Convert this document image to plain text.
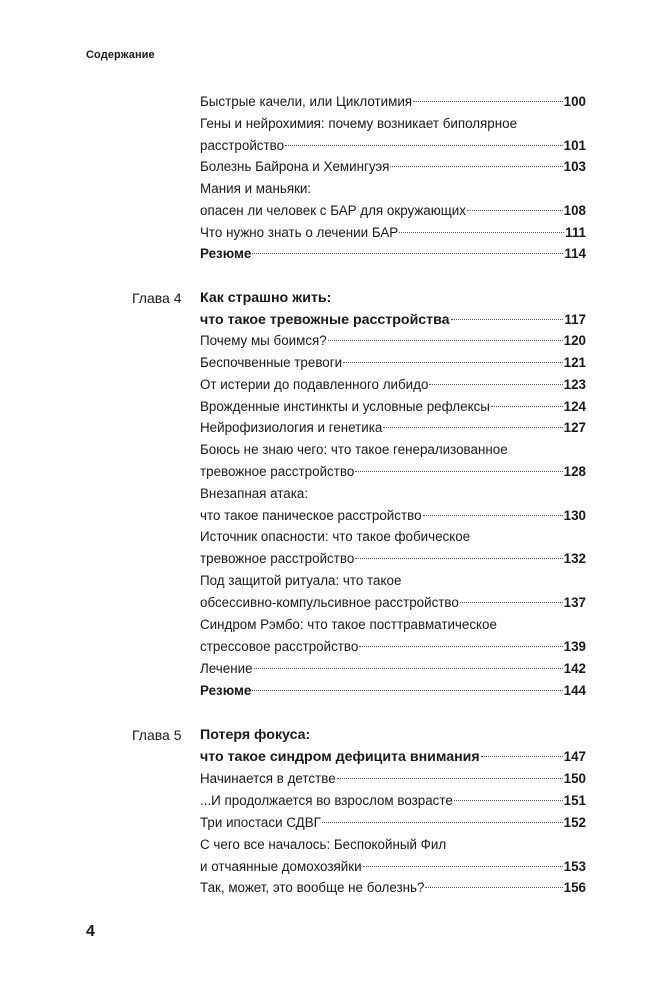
Содержание
Быстрые качели, или Циклотимия	100
Гены и нейрохимия: почему возникает биполярное
расстройство	101
Болезнь Байрона и Хемингуэя	103
Мания и маньяки:
опасен ли человек с БАР для окружающих	108
Что нужно знать о лечении БАР	111
Резюме	114
Глава 4 Как страшно жить:
что такое тревожные расстройства	117
Почему мы боимся?	120
Беспочвенные тревоги	121
От истерии до подавленного либидо	123
Врожденные инстинкты и условные рефлексы	124
Нейрофизиология и генетика	127
Боюсь не знаю чего: что такое генерализованное
тревожное расстройство	128
Внезапная атака:
что такое паническое расстройство	130
Источник опасности: что такое фобическое
тревожное расстройство	132
Под защитой ритуала: что такое
обсессивно-компульсивное расстройство	137
Синдром Рэмбо: что такое посттравматическое
стрессовое расстройство	139
Лечение	142
Резюме	144
Глава 5 Потеря фокуса:
что такое синдром дефицита внимания	147
Начинается в детстве	150
...И продолжается во взрослом возрасте	151
Три ипостаси СДВГ	152
С чего все началось: Беспокойный Фил
и отчаянные домохозяйки	153
Так, может, это вообще не болезнь?	156
4
